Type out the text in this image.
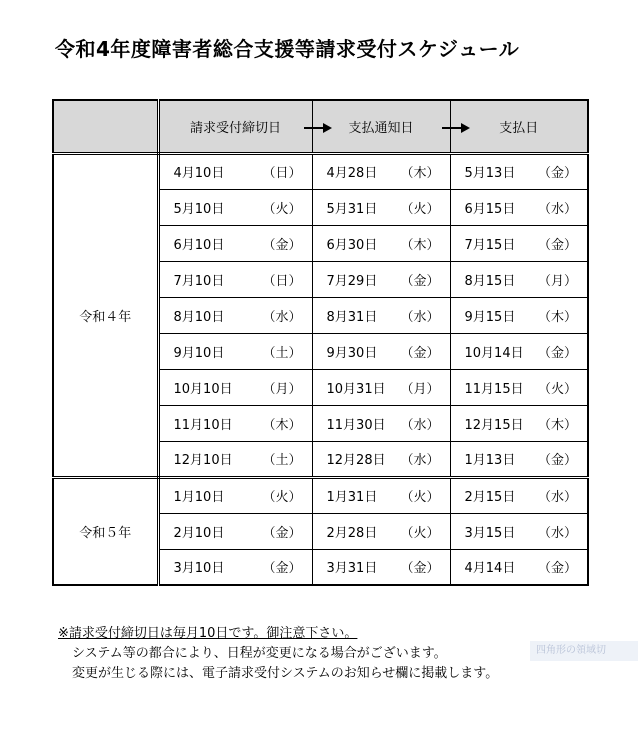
令和4年度障害者総合支援等請求受付スケジュール
	請求受付締切日	支払通知日	支払日
令和４年	4月10日 （日）	4月28日 （木）	5月13日 （金）

	5月10日 （火）	5月31日 （火）	6月15日 （水）

	6月10日 （金）	6月30日 （木）	7月15日 （金）

	7月10日 （日）	7月29日 （金）	8月15日 （月）

	8月10日 （水）	8月31日 （水）	9月15日 （木）

	9月10日 （土）	9月30日 （金）	10月14日 （金）

	10月10日 （月）	10月31日 （月）	11月15日 （火）

	11月10日 （木）	11月30日 （水）	12月15日 （木）

	12月10日 （土）	12月28日 （水）	1月13日 （金）

令和５年	1月10日 （火）	1月31日 （火）	2月15日 （水）

	2月10日 （金）	2月28日 （火）	3月15日 （水）

	3月10日 （金）	3月31日 （金）	4月14日 （金）
※請求受付締切日は毎月10日です。御注意下さい。
システム等の都合により、日程が変更になる場合がございます。
変更が生じる際には、電子請求受付システムのお知らせ欄に掲載します。
四角形の領域切
